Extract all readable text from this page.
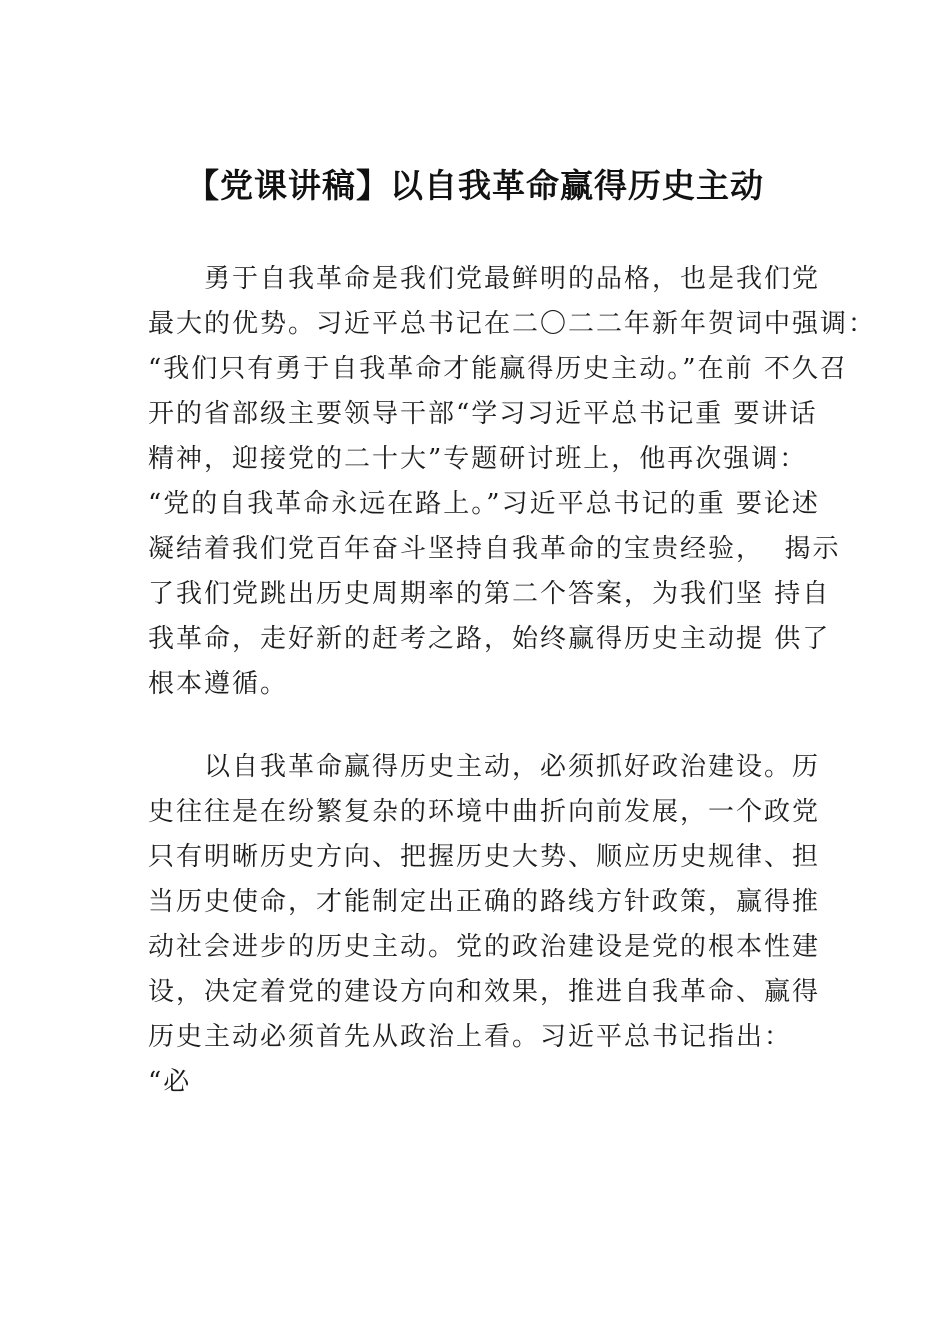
【党课讲稿】以自我革命赢得历史主动
　　勇于自我革命是我们党最鲜明的品格，也是我们党
最大的优势。习近平总书记在二〇二二年新年贺词中强调：
“我们只有勇于自我革命才能赢得历史主动。”在前 不久召
开的省部级主要领导干部“学习习近平总书记重 要讲话
精神，迎接党的二十大”专题研讨班上，他再次强调：
“党的自我革命永远在路上。”习近平总书记的重 要论述
凝结着我们党百年奋斗坚持自我革命的宝贵经验，  揭示
了我们党跳出历史周期率的第二个答案，为我们坚 持自
我革命，走好新的赶考之路，始终赢得历史主动提 供了
根本遵循。
　　以自我革命赢得历史主动，必须抓好政治建设。历
史往往是在纷繁复杂的环境中曲折向前发展，一个政党
只有明晰历史方向、把握历史大势、顺应历史规律、担
当历史使命，才能制定出正确的路线方针政策，赢得推
动社会进步的历史主动。党的政治建设是党的根本性建
设，决定着党的建设方向和效果，推进自我革命、赢得
历史主动必须首先从政治上看。习近平总书记指出：
“必
